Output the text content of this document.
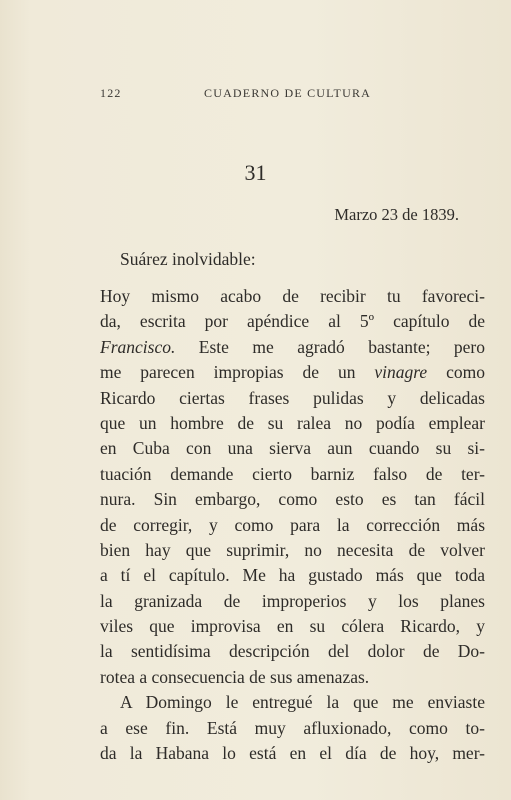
122	CUADERNO DE CULTURA
31
Marzo 23 de 1839.
Suárez inolvidable:
Hoy mismo acabo de recibir tu favoreci-
da, escrita por apéndice al 5º capítulo de
Francisco. Este me agradó bastante; pero
me parecen impropias de un vinagre como
Ricardo ciertas frases pulidas y delicadas
que un hombre de su ralea no podía emplear
en Cuba con una sierva aun cuando su si-
tuación demande cierto barniz falso de ter-
nura. Sin embargo, como esto es tan fácil
de corregir, y como para la corrección más
bien hay que suprimir, no necesita de volver
a tí el capítulo. Me ha gustado más que toda
la granizada de improperios y los planes
viles que improvisa en su cólera Ricardo, y
la sentidísima descripción del dolor de Do-
rotea a consecuencia de sus amenazas.
A Domingo le entregué la que me enviaste
a ese fin. Está muy afluxionado, como to-
da la Habana lo está en el día de hoy, mer-
